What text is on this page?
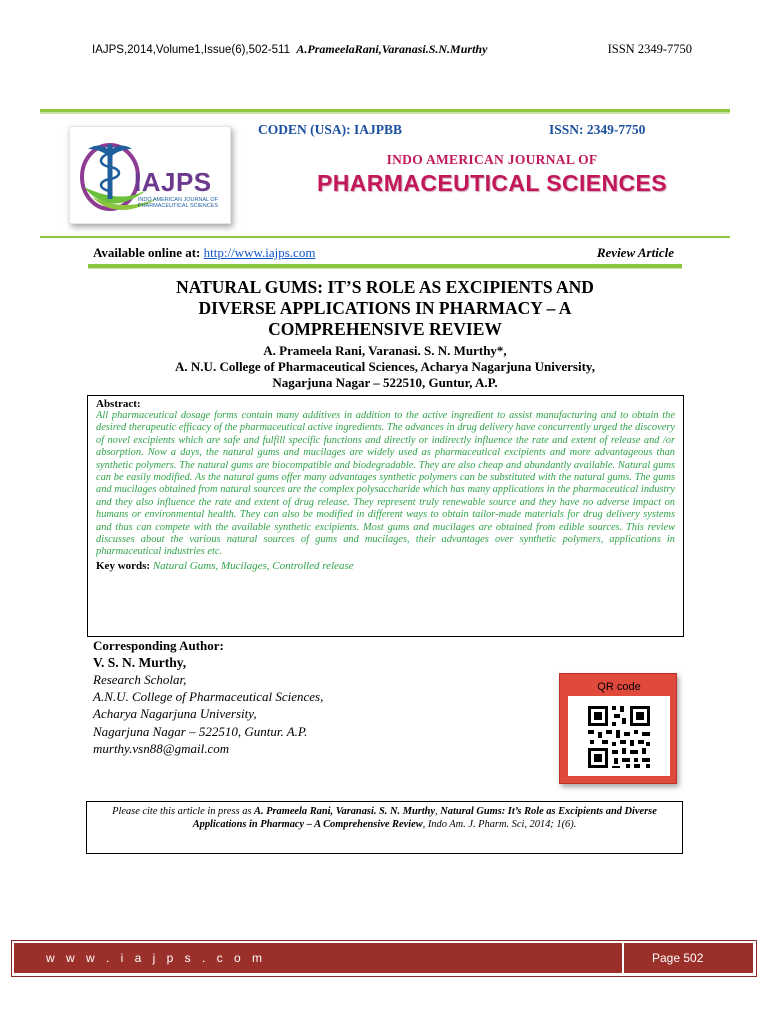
IAJPS,2014,Volume1,Issue(6),502-511 A.PrameelaRani,Varanasi.S.N.Murthy	ISSN 2349-7750
IAJPS
INDO AMERICAN JOURNAL OF PHARMACEUTICAL SCIENCES
CODEN (USA): IAJPBB	ISSN: 2349-7750
INDO AMERICAN JOURNAL OF
PHARMACEUTICAL SCIENCES
Available online at: http://www.iajps.com	Review Article
NATURAL GUMS: IT’S ROLE AS EXCIPIENTS AND
DIVERSE APPLICATIONS IN PHARMACY – A
COMPREHENSIVE REVIEW
A. Prameela Rani, Varanasi. S. N. Murthy*,
A. N.U. College of Pharmaceutical Sciences, Acharya Nagarjuna University,
Nagarjuna Nagar – 522510, Guntur, A.P.
Abstract:
All pharmaceutical dosage forms contain many additives in addition to the active ingredient to assist manufacturing and to obtain the desired therapeutic efficacy of the pharmaceutical active ingredients. The advances in drug delivery have concurrently urged the discovery of novel excipients which are safe and fulfill specific functions and directly or indirectly influence the rate and extent of release and /or absorption. Now a days, the natural gums and mucilages are widely used as pharmaceutical excipients and more advantageous than synthetic polymers. The natural gums are biocompatible and biodegradable. They are also cheap and abundantly available. Natural gums can be easily modified. As the natural gums offer many advantages synthetic polymers can be substituted with the natural gums. The gums and mucilages obtained from natural sources are the complex polysaccharide which has many applications in the pharmaceutical industry and they also influence the rate and extent of drug release. They represent truly renewable source and they have no adverse impact on humans or environmental health. They can also be modified in different ways to obtain tailor-made materials for drug delivery systems and thus can compete with the available synthetic excipients. Most gums and mucilages are obtained from edible sources. This review discusses about the various natural sources of gums and mucilages, their advantages over synthetic polymers, applications in pharmaceutical industries etc.
Key words: Natural Gums, Mucilages, Controlled release
Corresponding Author:
V. S. N. Murthy,
Research Scholar,
A.N.U. College of Pharmaceutical Sciences,
Acharya Nagarjuna University,
Nagarjuna Nagar – 522510, Guntur. A.P.
murthy.vsn88@gmail.com
QR code
Please cite this article in press as A. Prameela Rani, Varanasi. S. N. Murthy, Natural Gums: It’s Role as Excipients and Diverse Applications in Pharmacy – A Comprehensive Review, Indo Am. J. Pharm. Sci, 2014; 1(6).
w w w . i a j p s . c o m	Page 502
